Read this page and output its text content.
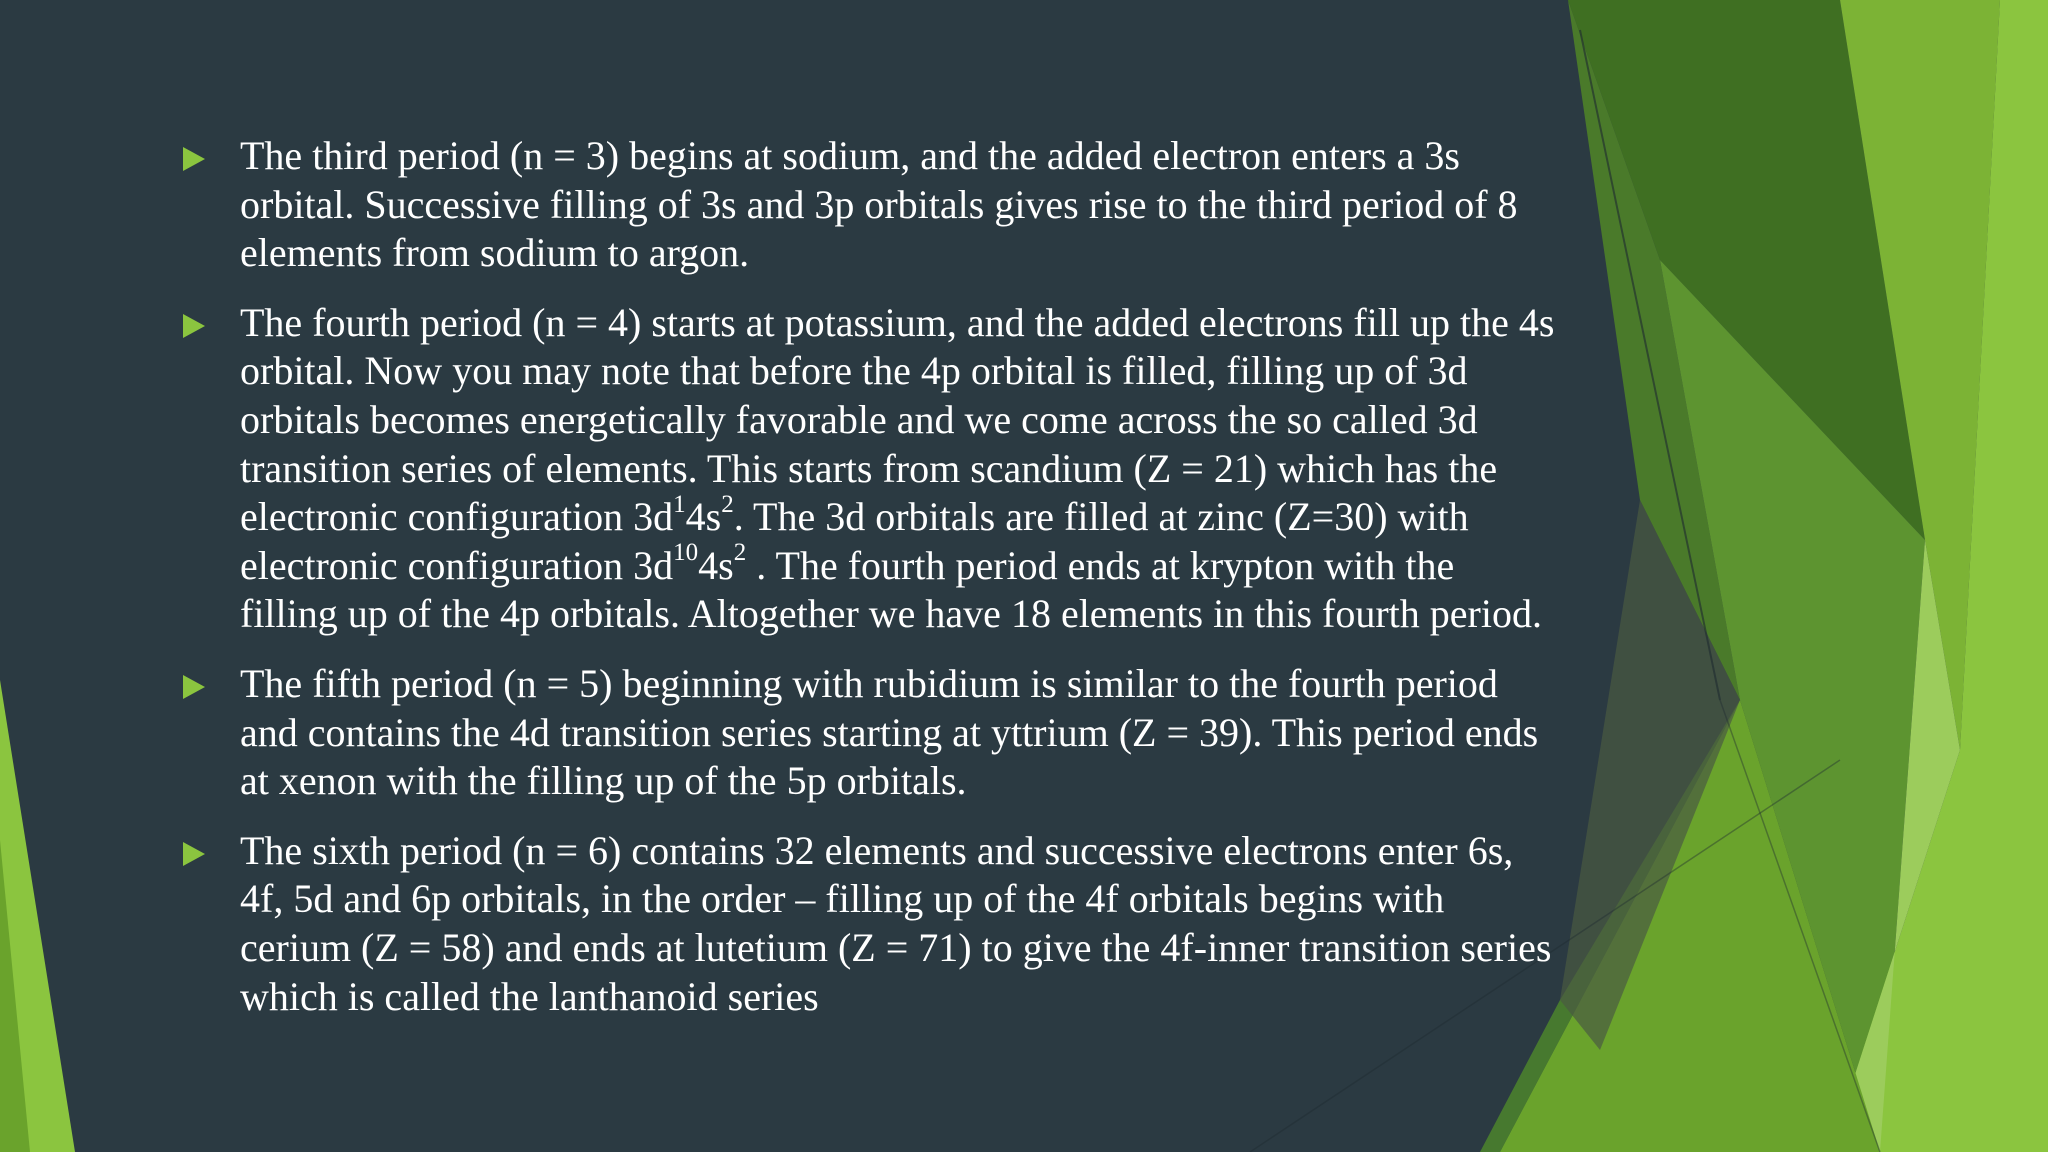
The third period (n = 3) begins at sodium, and the added electron enters a 3s orbital. Successive filling of 3s and 3p orbitals gives rise to the third period of 8 elements from sodium to argon.
The fourth period (n = 4) starts at potassium, and the added electrons fill up the 4s orbital. Now you may note that before the 4p orbital is filled, filling up of 3d orbitals becomes energetically favorable and we come across the so called 3d transition series of elements. This starts from scandium (Z = 21) which has the electronic configuration $3d^14s^2$. The 3d orbitals are filled at zinc (Z=30) with electronic configuration $3d^{10}4s^2$ . The fourth period ends at krypton with the filling up of the 4p orbitals. Altogether we have 18 elements in this fourth period.
The fifth period (n = 5) beginning with rubidium is similar to the fourth period and contains the 4d transition series starting at yttrium (Z = 39). This period ends at xenon with the filling up of the 5p orbitals.
The sixth period (n = 6) contains 32 elements and successive electrons enter 6s, 4f, 5d and 6p orbitals, in the order – filling up of the 4f orbitals begins with cerium (Z = 58) and ends at lutetium (Z = 71) to give the 4f-inner transition series which is called the lanthanoid series
